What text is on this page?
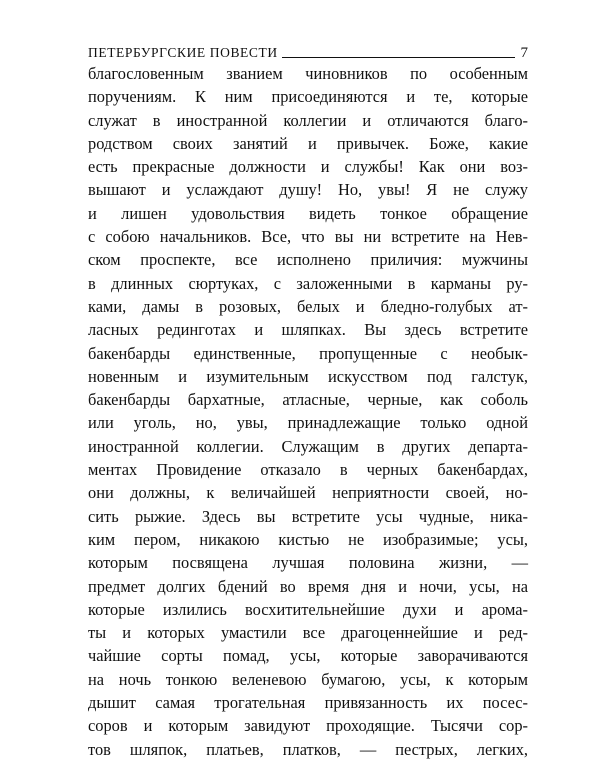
ПЕТЕРБУРГСКИЕ ПОВЕСТИ	7
благословенным званием чиновников по особенным
поручениям. К ним присоединяются и те, которые
служат в иностранной коллегии и отличаются благо-
родством своих занятий и привычек. Боже, какие
есть прекрасные должности и службы! Как они воз-
вышают и услаждают душу! Но, увы! Я не служу
и лишен удовольствия видеть тонкое обращение
с собою начальников. Все, что вы ни встретите на Нев-
ском проспекте, все исполнено приличия: мужчины
в длинных сюртуках, с заложенными в карманы ру-
ками, дамы в розовых, белых и бледно-голубых ат-
ласных редингoтах и шляпках. Вы здесь встретите
бакенбарды единственные, пропущенные с необык-
новенным и изумительным искусством под галстук,
бакенбарды бархатные, атласные, черные, как соболь
или уголь, но, увы, принадлежащие только одной
иностранной коллегии. Служащим в других департа-
ментах Провидение отказало в черных бакенбардах,
они должны, к величайшей неприятности своей, но-
сить рыжие. Здесь вы встретите усы чудные, ника-
ким пером, никакою кистью не изобразимые; усы,
которым посвящена лучшая половина жизни, —
предмет долгих бдений во время дня и ночи, усы, на
которые излились восхитительнейшие духи и арома-
ты и которых умастили все драгоценнейшие и ред-
чайшие сорты помад, усы, которые заворачиваются
на ночь тонкою веленевою бумагою, усы, к которым
дышит самая трогательная привязанность их посес-
соров и которым завидуют проходящие. Тысячи сор-
тов шляпок, платьев, платков, — пестрых, легких,
